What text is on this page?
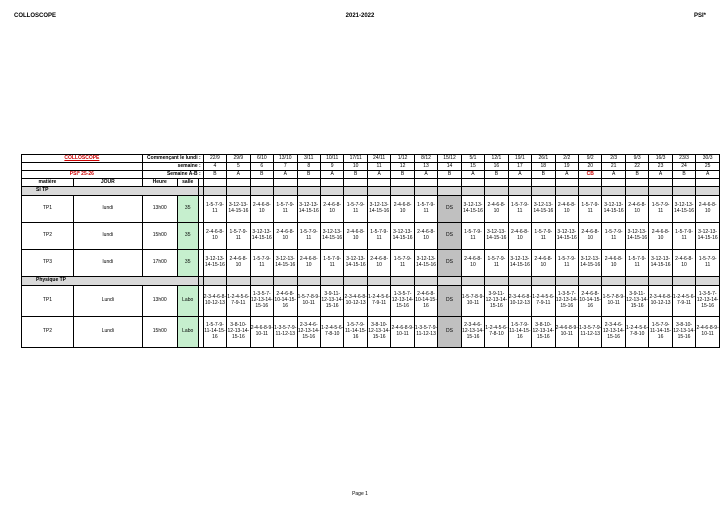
COLLOSCOPE	2021-2022	PSI*
COLLOSCOPE		Commençant le lundi :			22/9	29/9	6/10	13/10	3/11	10/11	17/11	24/11	1/12	8/12	15/12	5/1	12/1	19/1	26/1	2/2	9/2	2/3	9/3	16/3	23/3	30/3
		semaine :			4	5	6	7	8	9	10	11	12	13	14	15	16	17	18	19	20	21	22	23	24	25
PSI* 25-26		Semaine A-B :			B	A	B	A	B	A	B	A	B	A	B	A	B	A	B	A	CB	A	B	A	B	A
matière	JOUR	Heure	salle																							
SI TP																										
TP1	lundi	13h00	35		1-5-7-9-11	3-12-13-14-15-16	2-4-6-8-10	1-5-7-9-11	3-12-13-14-15-16	2-4-6-8-10	1-5-7-9-11	3-12-13-14-15-16	2-4-6-8-10	1-5-7-9-11	DS	3-12-13-14-15-16	2-4-6-8-10	1-5-7-9-11	3-12-13-14-15-16	2-4-6-8-10	1-5-7-9-11	3-12-13-14-15-16	2-4-6-8-10	1-5-7-9-11	3-12-13-14-15-16	2-4-6-8-10
TP2	lundi	15h00	35		2-4-6-8-10	1-5-7-9-11	3-12-13-14-15-16	2-4-6-8-10	1-5-7-9-11	3-12-13-14-15-16	2-4-6-8-10	1-5-7-9-11	3-12-13-14-15-16	2-4-6-8-10	DS	1-5-7-9-11	3-12-13-14-15-16	2-4-6-8-10	1-5-7-9-11	3-12-13-14-15-16	2-4-6-8-10	1-5-7-9-11	3-12-13-14-15-16	2-4-6-8-10	1-5-7-9-11	3-12-13-14-15-16
TP3	lundi	17h00	35		3-12-13-14-15-16	2-4-6-8-10	1-5-7-9-11	3-12-13-14-15-16	2-4-6-8-10	1-5-7-9-11	3-12-13-14-15-16	2-4-6-8-10	1-5-7-9-11	3-12-13-14-15-16	DS	2-4-6-8-10	1-5-7-9-11	3-12-13-14-15-16	2-4-6-8-10	1-5-7-9-11	3-12-13-14-15-16	2-4-6-8-10	1-5-7-9-11	3-12-13-14-15-16	2-4-6-8-10	1-5-7-9-11
Physique TP																										
TP1	Lundi	13h00	Labo		2-3-4-6-8-10-12-13	1-2-4-5-6-7-9-11	1-3-5-7-12-13-14-15-16	2-4-6-8-10-14-15-16	1-5-7-8-9-10-11	3-9-11-12-13-14-15-16	2-3-4-6-8-10-12-13	1-2-4-5-6-7-9-11	1-3-5-7-12-13-14-15-16	2-4-6-8-10-14-15-16	DS	1-5-7-8-9-10-11	3-9-11-12-13-14-15-16	2-3-4-6-8-10-12-13	1-2-4-5-6-7-9-11	1-3-5-7-12-13-14-15-16	2-4-6-8-10-14-15-16	1-5-7-8-9-10-11	3-9-11-12-13-14-15-16	2-3-4-6-8-10-12-13	1-2-4-5-6-7-9-11	1-3-5-7-12-13-14-15-16
TP2	Lundi	15h00	Labo		1-5-7-9-11-14-15-16	3-8-10-12-13-14-15-16	2-4-6-8-9-10-11	1-3-5-7-9-11-12-13	2-3-4-6-12-13-14-15-16	1-2-4-5-6-7-8-10	1-5-7-9-11-14-15-16	3-8-10-12-13-14-15-16	2-4-6-8-9-10-11	1-3-5-7-9-11-12-13	DS	2-3-4-6-12-13-14-15-16	1-2-4-5-6-7-8-10	1-5-7-9-11-14-15-16	3-8-10-12-13-14-15-16	2-4-6-8-9-10-11	1-3-5-7-9-11-12-13	2-3-4-6-12-13-14-15-16	1-2-4-5-6-7-8-10	1-5-7-9-11-14-15-16	3-8-10-12-13-14-15-16	2-4-6-8-9-10-11
Page 1
